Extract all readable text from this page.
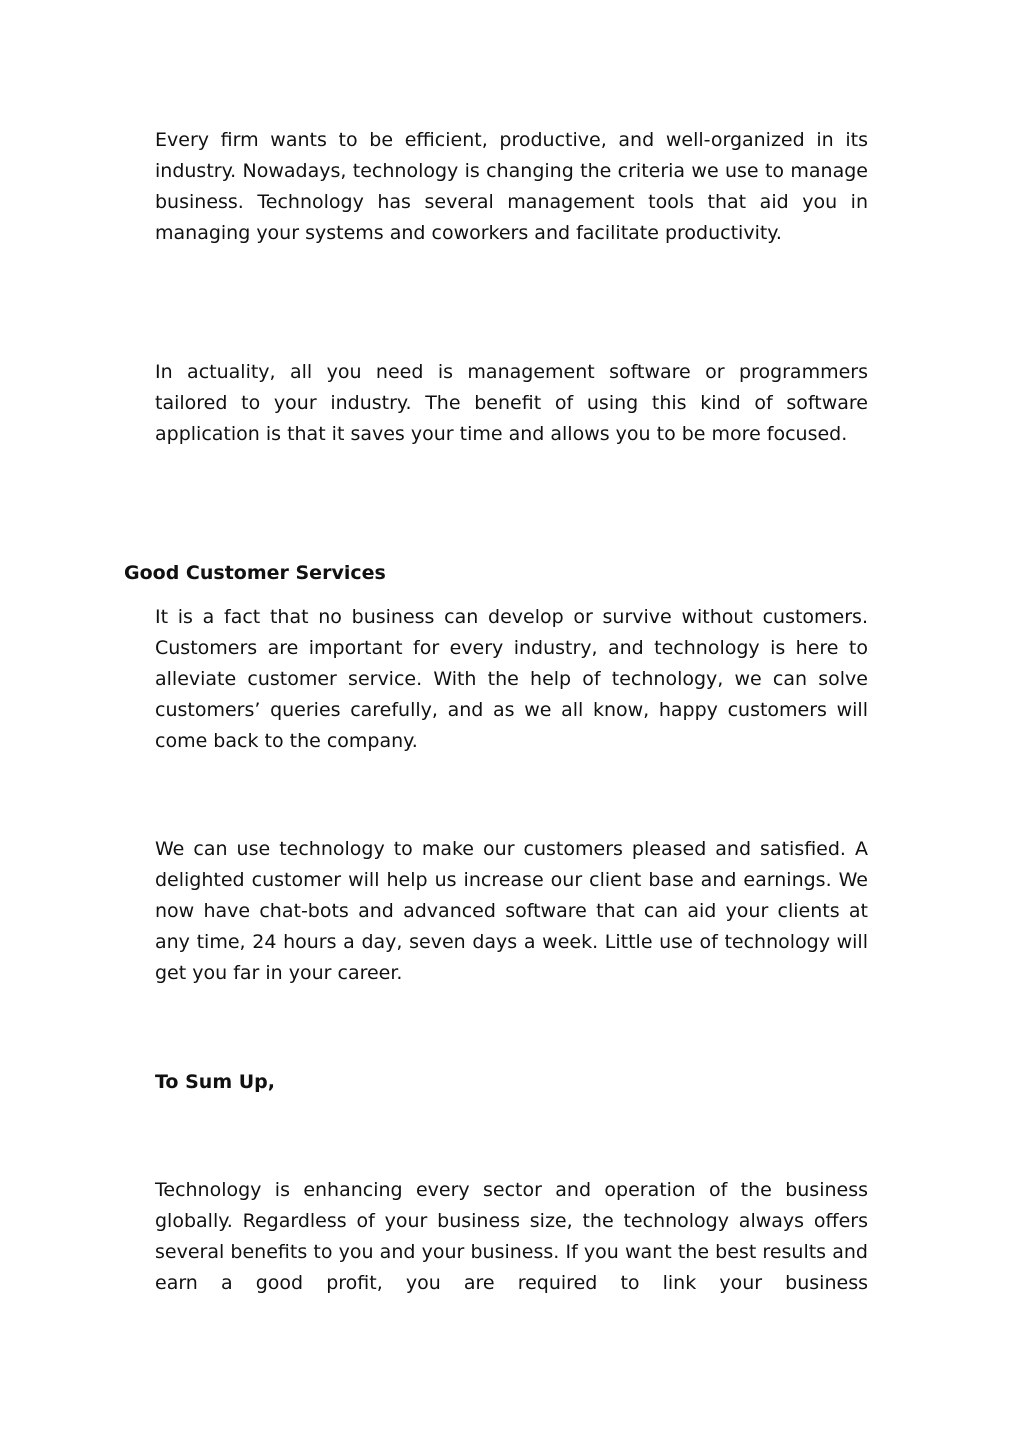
Every firm wants to be efficient, productive, and well-organized in its industry. Nowadays, technology is changing the criteria we use to manage business. Technology has several management tools that aid you in managing your systems and coworkers and facilitate productivity.

In actuality, all you need is management software or programmers tailored to your industry. The benefit of using this kind of software application is that it saves your time and allows you to be more focused.

Good Customer Services

It is a fact that no business can develop or survive without customers. Customers are important for every industry, and technology is here to alleviate customer service. With the help of technology, we can solve customers’ queries carefully, and as we all know, happy customers will come back to the company.

We can use technology to make our customers pleased and satisfied. A delighted customer will help us increase our client base and earnings. We now have chat-bots and advanced software that can aid your clients at any time, 24 hours a day, seven days a week. Little use of technology will get you far in your career.

To Sum Up,

Technology is enhancing every sector and operation of the business globally. Regardless of your business size, the technology always offers several benefits to you and your business. If you want the best results and earn a good profit, you are required to link your business
